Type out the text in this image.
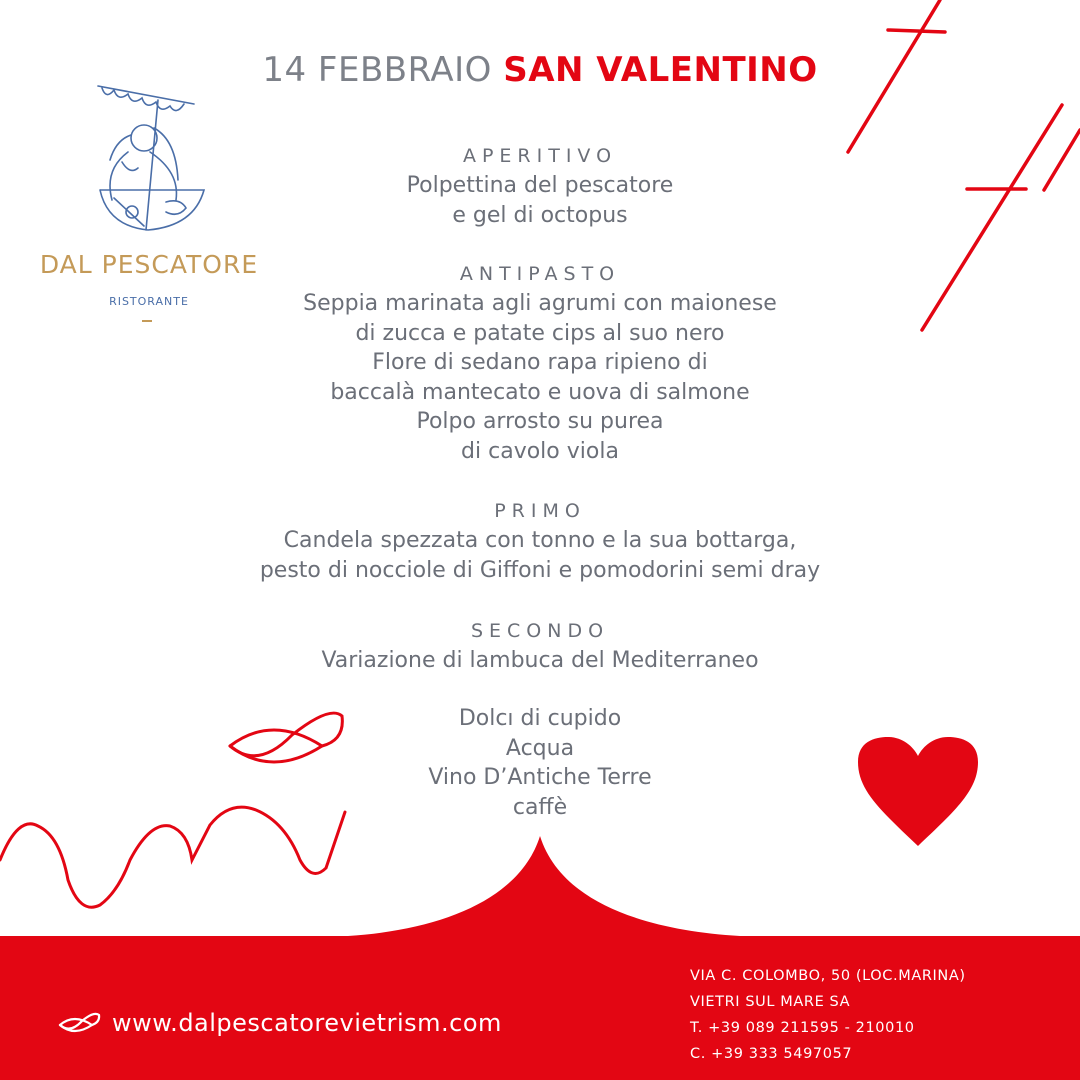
14 FEBBRAIO SAN VALENTINO
DAL PESCATORE
RISTORANTE
APERITIVO
Polpettina del pescatore
e gel di octopus
ANTIPASTO
Seppia marinata agli agrumi con maionese
di zucca e patate cips al suo nero
Flore di sedano rapa ripieno di
baccalà mantecato e uova di salmone
Polpo arrosto su purea
di cavolo viola
PRIMO
Candela spezzata con tonno e la sua bottarga,
pesto di nocciole di Giffoni e pomodorini semi dray
SECONDO
Variazione di lambuca del Mediterraneo
Dolcı di cupido
Acqua
Vino D’Antiche Terre
caffè
www.dalpescatorevietrism.com
VIA C. COLOMBO, 50 (LOC.MARINA)
VIETRI SUL MARE SA
T. +39 089 211595 - 210010
C. +39 333 5497057
